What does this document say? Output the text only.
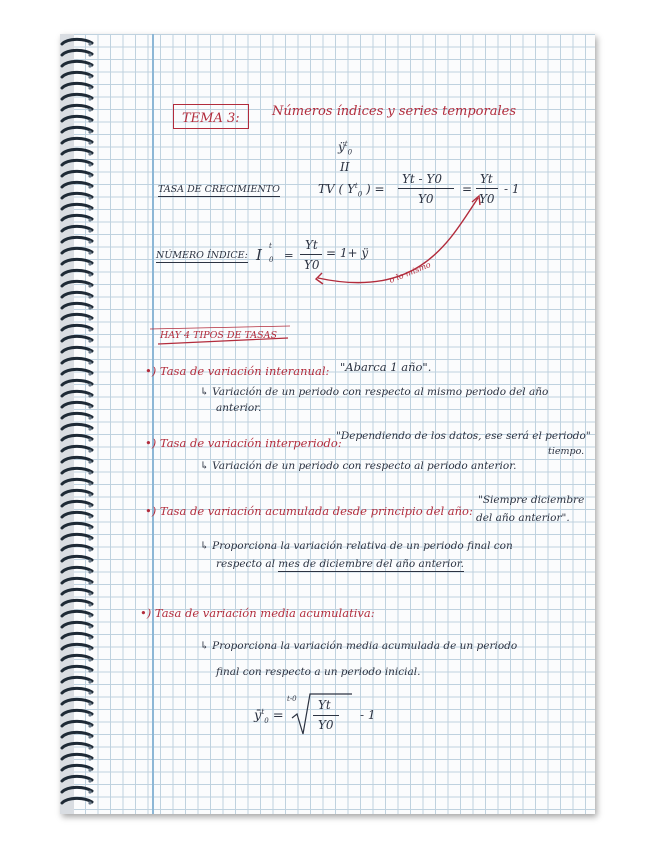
TEMA 3:	Números índices y series temporales
$ÿ^t_0$
II
TASA DE CRECIMIENTO	TV ( $Y^t_0$ ) =
Yt - Y0
Y0
=
Yt
Y0
- 1
NÚMERO ÍNDICE: I t
0 =
Yt
Y0
= 1+ ÿ
o lo mismo
HAY 4 TIPOS DE TASAS
•) Tasa de variación interanual: "Abarca 1 año".
↳ Variación de un periodo con respecto al mismo periodo del año
anterior.
•) Tasa de variación interperiodo:
"Dependiendo de los datos, ese será el periodo"
tiempo.
↳ Variación de un periodo con respecto al periodo anterior.
•) Tasa de variación acumulada desde principio del año:
"Siempre diciembre
del año anterior".
↳ Proporciona la variación relativa de un periodo final con
respecto al mes de diciembre del año anterior.
•) Tasa de variación media acumulativa:
↳ Proporciona la variación media acumulada de un periodo
final con respecto a un periodo inicial.
$ȳ^t_0$ =
t-0 Yt
Y0
- 1
